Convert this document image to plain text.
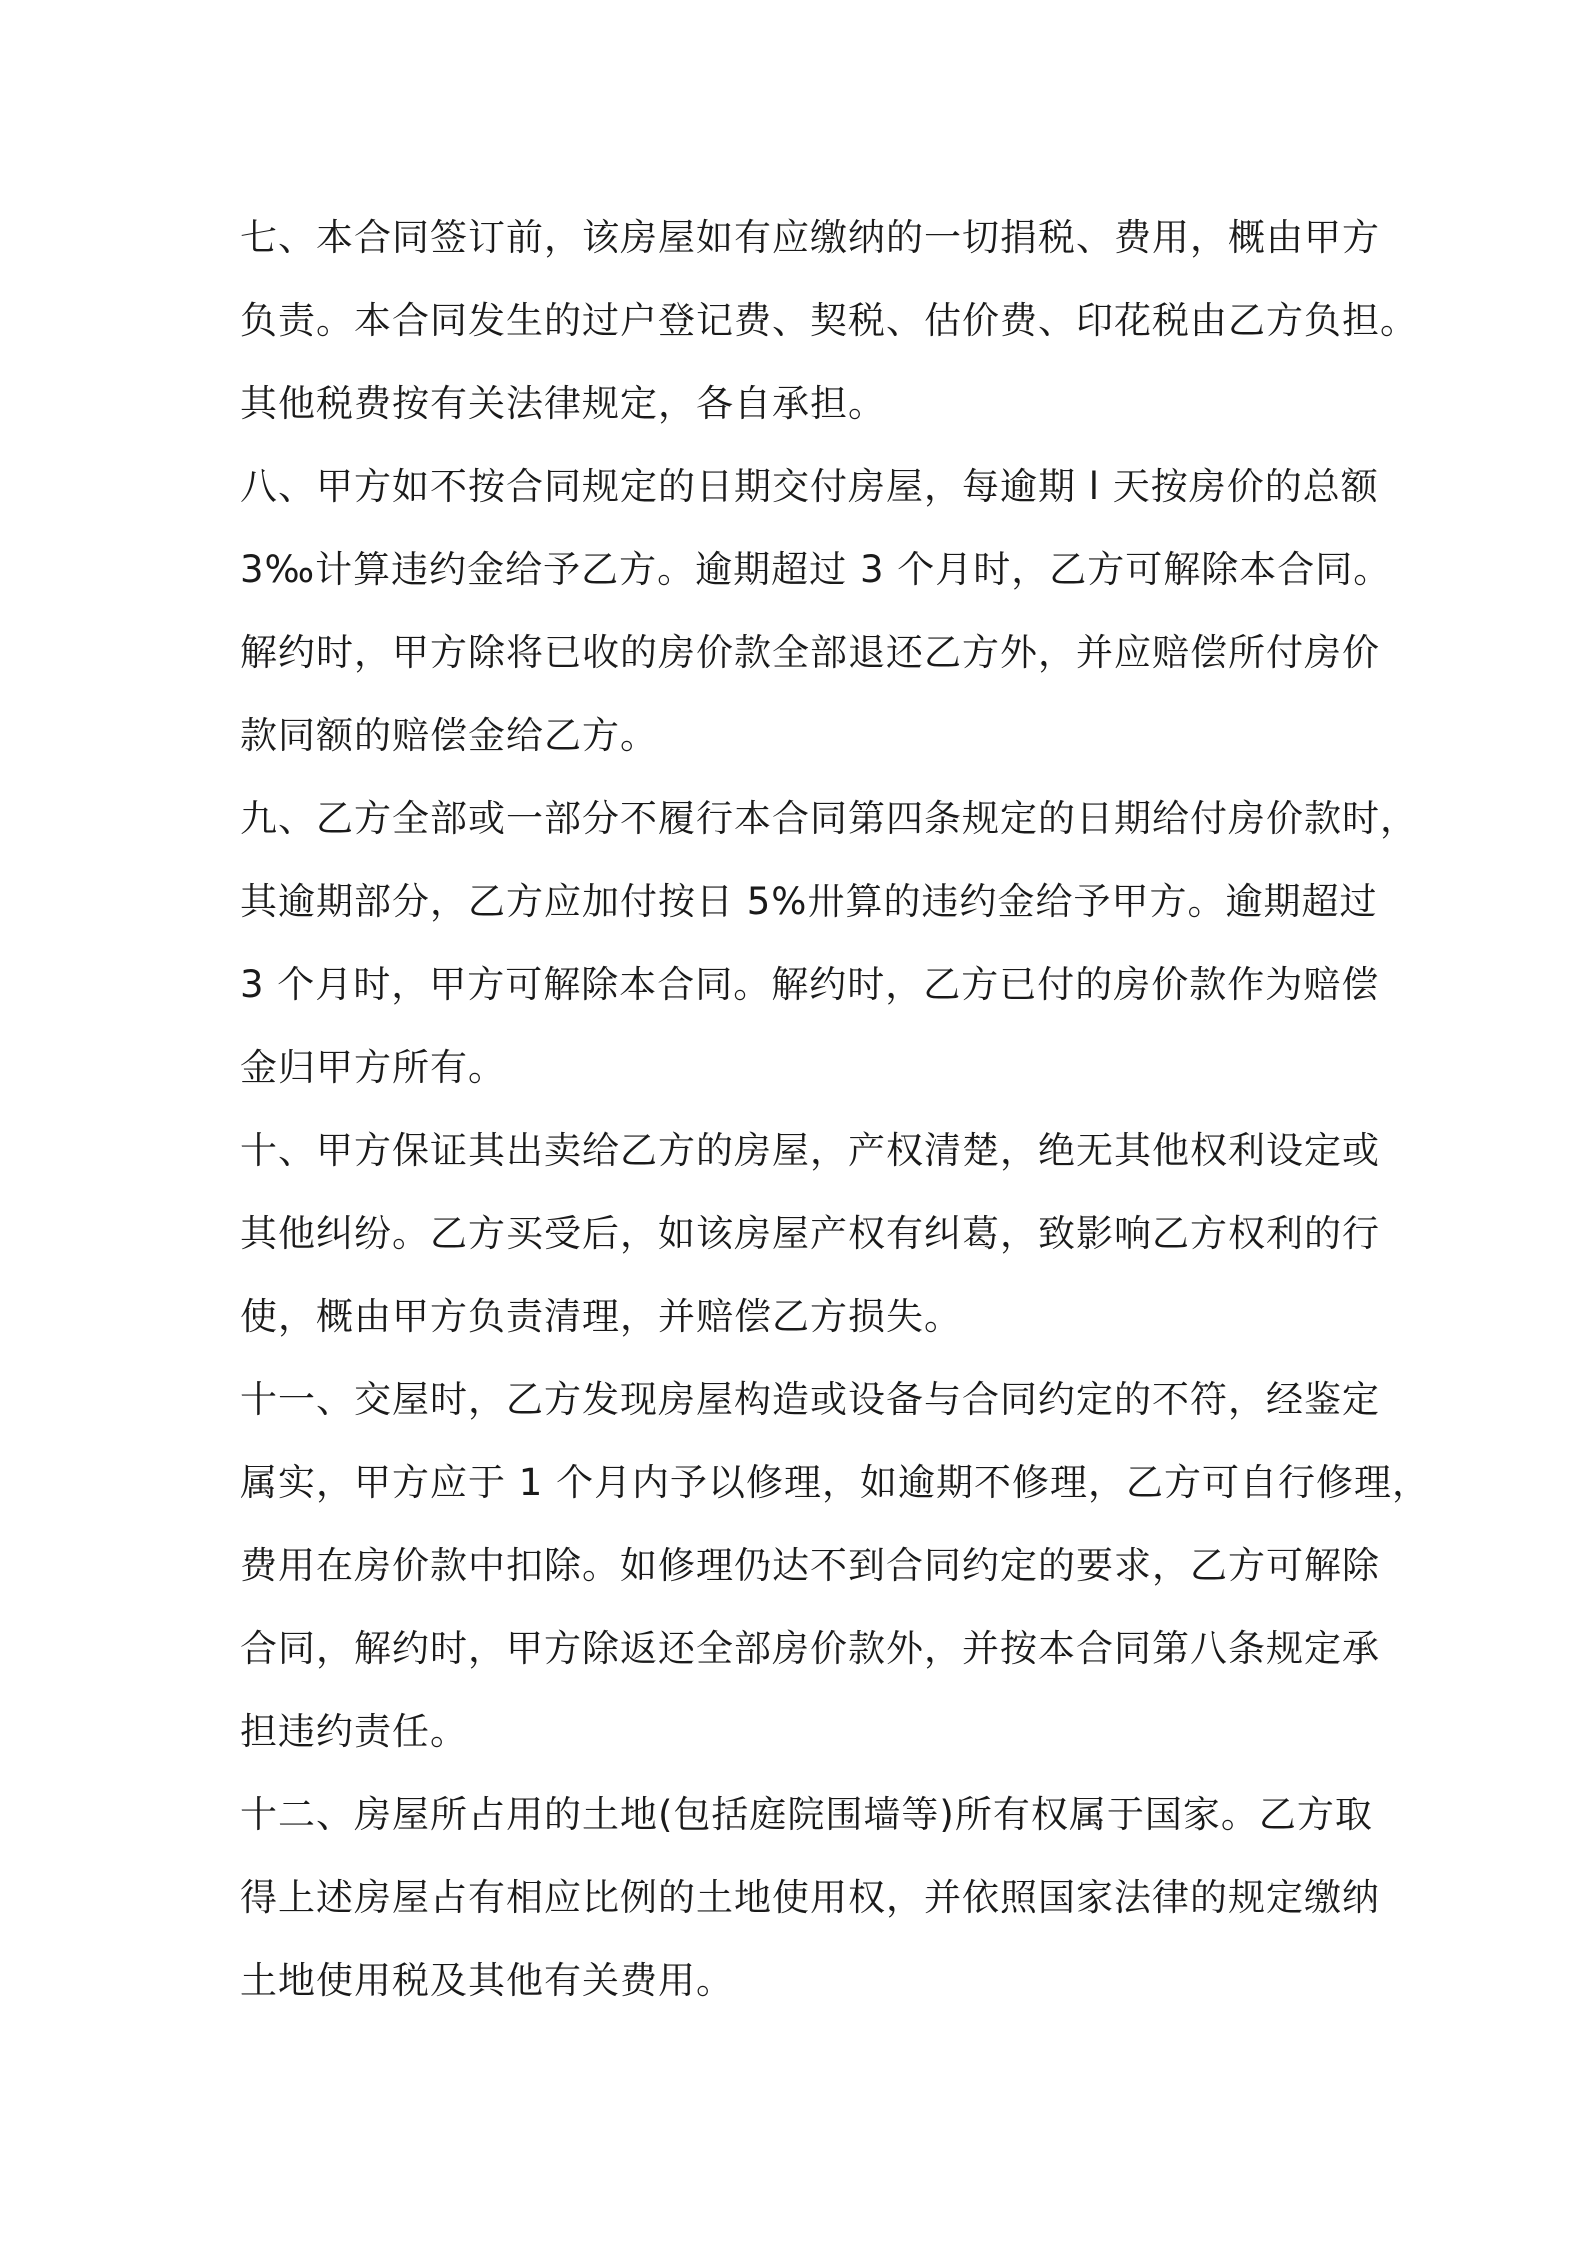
七、本合同签订前，该房屋如有应缴纳的一切捐税、费用，概由甲方
负责。本合同发生的过户登记费、契税、估价费、印花税由乙方负担。
其他税费按有关法律规定，各自承担。
八、甲方如不按合同规定的日期交付房屋，每逾期 l 天按房价的总额
3‰计算违约金给予乙方。逾期超过 3 个月时，乙方可解除本合同。
解约时，甲方除将已收的房价款全部退还乙方外，并应赔偿所付房价
款同额的赔偿金给乙方。
九、乙方全部或一部分不履行本合同第四条规定的日期给付房价款时，
其逾期部分，乙方应加付按日 5%卅算的违约金给予甲方。逾期超过
3 个月时，甲方可解除本合同。解约时，乙方已付的房价款作为赔偿
金归甲方所有。
十、甲方保证其出卖给乙方的房屋，产权清楚，绝无其他权利设定或
其他纠纷。乙方买受后，如该房屋产权有纠葛，致影响乙方权利的行
使，概由甲方负责清理，并赔偿乙方损失。
十一、交屋时，乙方发现房屋构造或设备与合同约定的不符，经鉴定
属实，甲方应于 1 个月内予以修理，如逾期不修理，乙方可自行修理，
费用在房价款中扣除。如修理仍达不到合同约定的要求，乙方可解除
合同，解约时，甲方除返还全部房价款外，并按本合同第八条规定承
担违约责任。
十二、房屋所占用的土地(包括庭院围墙等)所有权属于国家。乙方取
得上述房屋占有相应比例的土地使用权，并依照国家法律的规定缴纳
土地使用税及其他有关费用。
